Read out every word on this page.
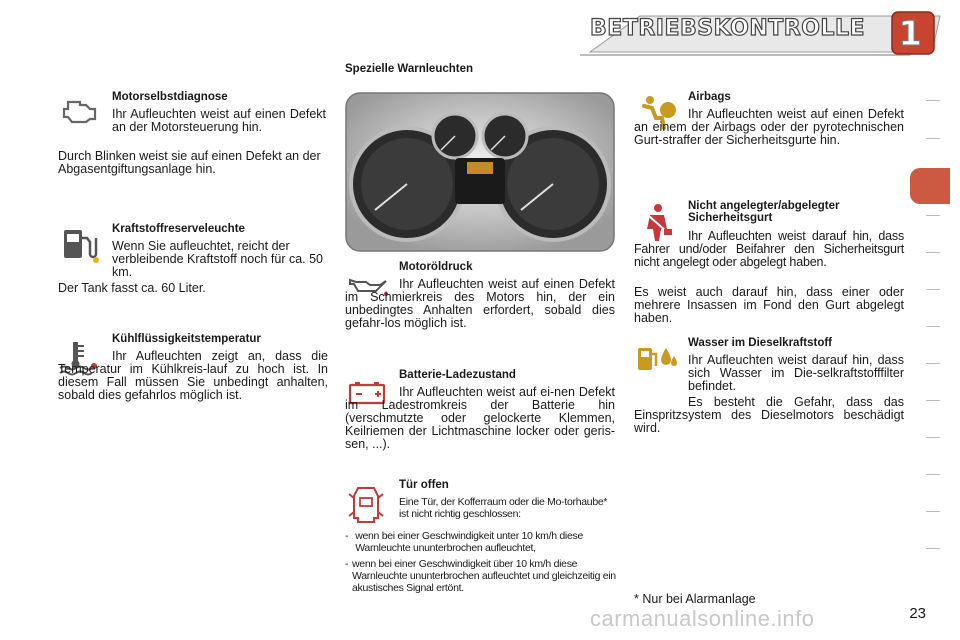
BETRIEBSKONTROLLE 1
Spezielle Warnleuchten
Motorselbstdiagnose
Ihr Aufleuchten weist auf einen Defekt an der Motorsteuerung hin.
Durch Blinken weist sie auf einen Defekt an der Abgasentgiftungsanlage hin.
Kraftstoffreserveleuchte
Wenn Sie aufleuchtet, reicht der verbleibende Kraftstoff noch für ca. 50 km.
Der Tank fasst ca. 60 Liter.
Kühlflüssigkeitstemperatur
Ihr Aufleuchten zeigt an, dass die Temperatur im Kühlkreis-lauf zu hoch ist. In diesem Fall müssen Sie unbedingt anhalten, sobald dies gefahrlos möglich ist.
Motoröldruck
Ihr Aufleuchten weist auf einen Defekt im Schmierkreis des Motors hin, der ein unbedingtes Anhalten erfordert, sobald dies gefahr-los möglich ist.
Batterie-Ladezustand
Ihr Aufleuchten weist auf ei-nen Defekt im Ladestromkreis der Batterie hin (verschmutzte oder gelockerte Klemmen, Keilriemen der Lichtmaschine locker oder geris-sen, ...).
Tür offen
Eine Tür, der Kofferraum oder die Mo-torhaube* ist nicht richtig geschlossen:
- wenn bei einer Geschwindigkeit unter 10 km/h diese Warnleuchte ununterbrochen aufleuchtet,
- wenn bei einer Geschwindigkeit über 10 km/h diese Warnleuchte ununterbrochen aufleuchtet und gleichzeitig ein akustisches Signal ertönt.
Airbags
Ihr Aufleuchten weist auf einen Defekt an einem der Airbags oder der pyrotechnischen Gurt-straffer der Sicherheitsgurte hin.
Nicht angelegter/abgelegter Sicherheitsgurt
Ihr Aufleuchten weist darauf hin, dass Fahrer und/oder Beifahrer den Sicherheitsgurt nicht angelegt oder abgelegt haben.
Es weist auch darauf hin, dass einer oder mehrere Insassen im Fond den Gurt abgelegt haben.
Wasser im Dieselkraftstoff
Ihr Aufleuchten weist darauf hin, dass sich Wasser im Die-selkraftstofffilter befindet.
Es besteht die Gefahr, dass das Einspritzsystem des Dieselmotors beschädigt wird.
* Nur bei Alarmanlage
carmanualsonline.info	23
